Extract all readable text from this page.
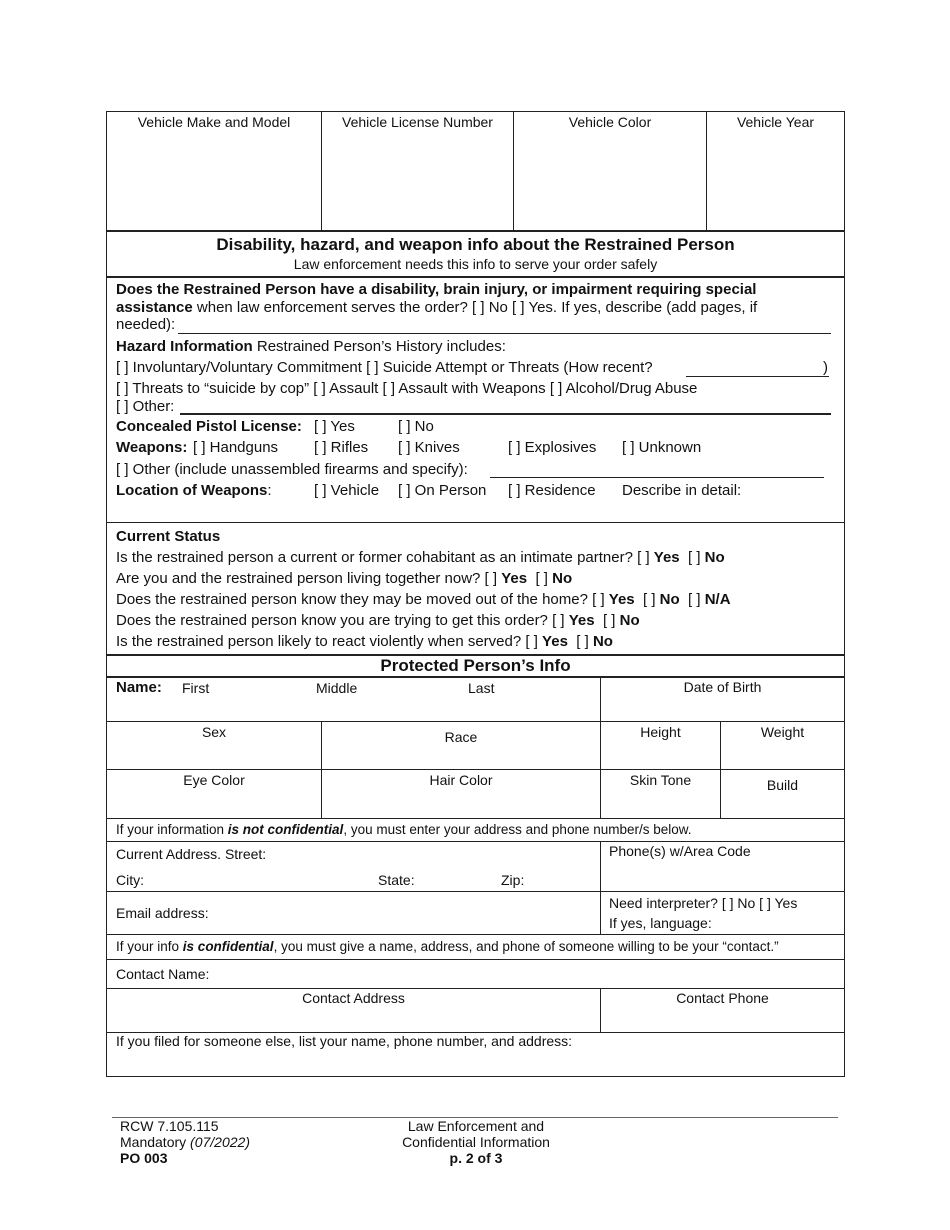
Vehicle Make and Model	Vehicle License Number	Vehicle Color	Vehicle Year
Disability, hazard, and weapon info about the Restrained Person
Law enforcement needs this info to serve your order safely
Does the Restrained Person have a disability, brain injury, or impairment requiring special
assistance when law enforcement serves the order? [ ] No [ ] Yes. If yes, describe (add pages, if
needed):
Hazard Information Restrained Person’s History includes:
[ ] Involuntary/Voluntary Commitment [ ] Suicide Attempt or Threats (How recent?	)
[ ] Threats to “suicide by cop” [ ] Assault [ ] Assault with Weapons [ ] Alcohol/Drug Abuse
[ ] Other:
Concealed Pistol License: [ ] Yes	[ ] No
Weapons: [ ] Handguns [ ] Rifles [ ] Knives	[ ] Explosives [ ] Unknown
[ ] Other (include unassembled firearms and specify):
Location of Weapons:	[ ] Vehicle [ ] On Person [ ] Residence Describe in detail:
Current Status
Is the restrained person a current or former cohabitant as an intimate partner? [ ] Yes  [ ] No
Are you and the restrained person living together now? [ ] Yes  [ ] No
Does the restrained person know they may be moved out of the home? [ ] Yes  [ ] No  [ ] N/A
Does the restrained person know you are trying to get this order? [ ] Yes  [ ] No
Is the restrained person likely to react violently when served? [ ] Yes  [ ] No
Protected Person’s Info
Name: First	Middle	Last	Date of Birth
Sex	Race	Height	Weight
Eye Color	Hair Color	Skin Tone	Build
If your information is not confidential, you must enter your address and phone number/s below.
Current Address. Street:	Phone(s) w/Area Code
City:	State:	Zip:
Email address:
Need interpreter? [ ] No [ ] Yes
If yes, language:
If your info is confidential, you must give a name, address, and phone of someone willing to be your “contact.”
Contact Name:
Contact Address	Contact Phone
If you filed for someone else, list your name, phone number, and address:
RCW 7.105.115
Mandatory (07/2022)
PO 003
Law Enforcement and
Confidential Information
p. 2 of 3
